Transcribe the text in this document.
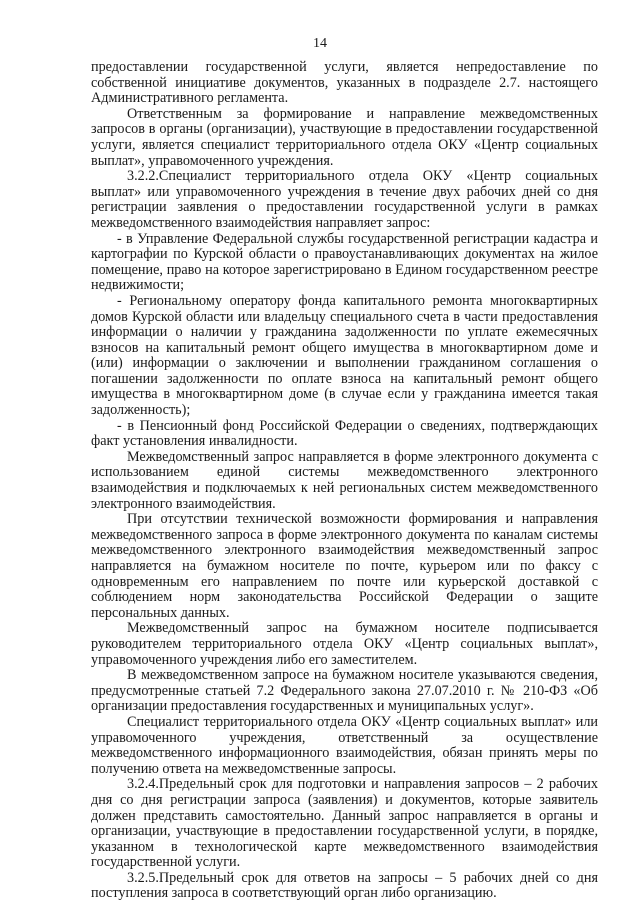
14

предоставлении государственной услуги, является непредоставление по собственной инициативе документов, указанных в подразделе 2.7. настоящего Административного регламента.

Ответственным за формирование и направление межведомственных запросов в органы (организации), участвующие в предоставлении государственной услуги, является специалист территориального отдела ОКУ «Центр социальных выплат», управомоченного учреждения.

3.2.2.Специалист территориального отдела ОКУ «Центр социальных выплат» или управомоченного учреждения в течение двух рабочих дней со дня регистрации заявления о предоставлении государственной услуги в рамках межведомственного взаимодействия направляет запрос:

- в Управление Федеральной службы государственной регистрации кадастра и картографии по Курской области о правоустанавливающих документах на жилое помещение, право на которое зарегистрировано в Едином государственном реестре недвижимости;

- Региональному оператору фонда капитального ремонта многоквартирных домов Курской области или владельцу специального счета в части предоставления информации о наличии у гражданина задолженности по уплате ежемесячных взносов на капитальный ремонт общего имущества в многоквартирном доме и (или) информации о заключении и выполнении гражданином соглашения о погашении задолженности по оплате взноса на капитальный ремонт общего имущества в многоквартирном доме (в случае если у гражданина имеется такая задолженность);

- в Пенсионный фонд Российской Федерации о сведениях, подтверждающих факт установления инвалидности.

Межведомственный запрос направляется в форме электронного документа с использованием единой системы межведомственного электронного взаимодействия и подключаемых к ней региональных систем межведомственного электронного взаимодействия.

При отсутствии технической возможности формирования и направления межведомственного запроса в форме электронного документа по каналам системы межведомственного электронного взаимодействия межведомственный запрос направляется на бумажном носителе по почте, курьером или по факсу с одновременным его направлением по почте или курьерской доставкой с соблюдением норм законодательства Российской Федерации о защите персональных данных.

Межведомственный запрос на бумажном носителе подписывается руководителем территориального отдела ОКУ «Центр социальных выплат», управомоченного учреждения либо его заместителем.

В межведомственном запросе на бумажном носителе указываются сведения, предусмотренные статьей 7.2 Федерального закона 27.07.2010 г. № 210-ФЗ «Об организации предоставления государственных и муниципальных услуг».

Специалист территориального отдела ОКУ «Центр социальных выплат» или управомоченного учреждения, ответственный за осуществление межведомственного информационного взаимодействия, обязан принять меры по получению ответа на межведомственные запросы.

3.2.4.Предельный срок для подготовки и направления запросов – 2 рабочих дня со дня регистрации запроса (заявления) и документов, которые заявитель должен представить самостоятельно. Данный запрос направляется в органы и организации, участвующие в предоставлении государственной услуги, в порядке, указанном в технологической карте межведомственного взаимодействия государственной услуги.

3.2.5.Предельный срок для ответов на запросы – 5 рабочих дней со дня поступления запроса в соответствующий орган либо организацию.
